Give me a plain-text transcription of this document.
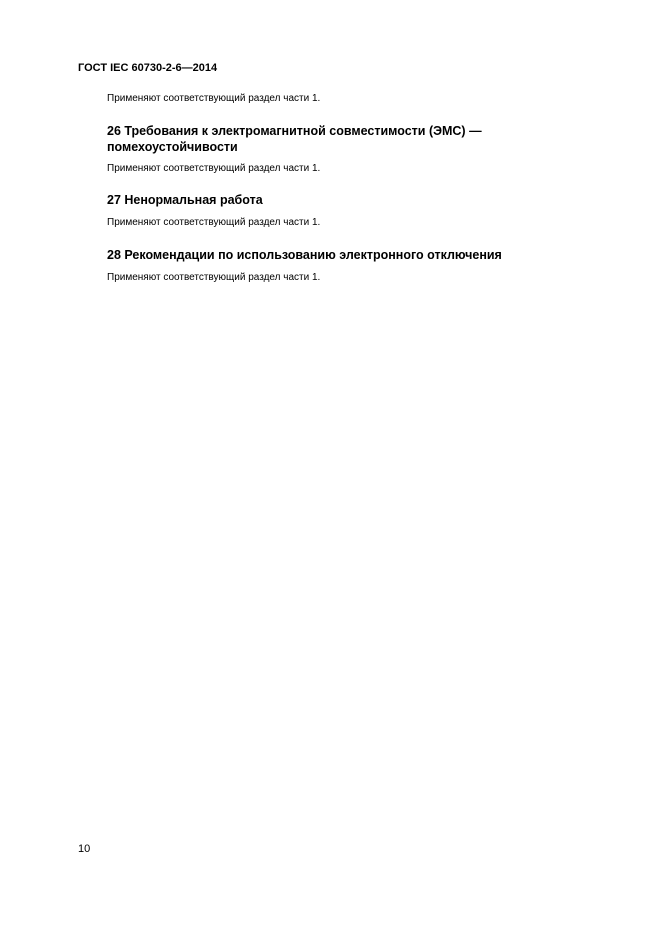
ГОСТ IEC 60730-2-6—2014
Применяют соответствующий раздел части 1.
26 Требования к электромагнитной совместимости (ЭМС) —
помехоустойчивости
Применяют соответствующий раздел части 1.
27 Ненормальная работа
Применяют соответствующий раздел части 1.
28 Рекомендации по использованию электронного отключения
Применяют соответствующий раздел части 1.
10
